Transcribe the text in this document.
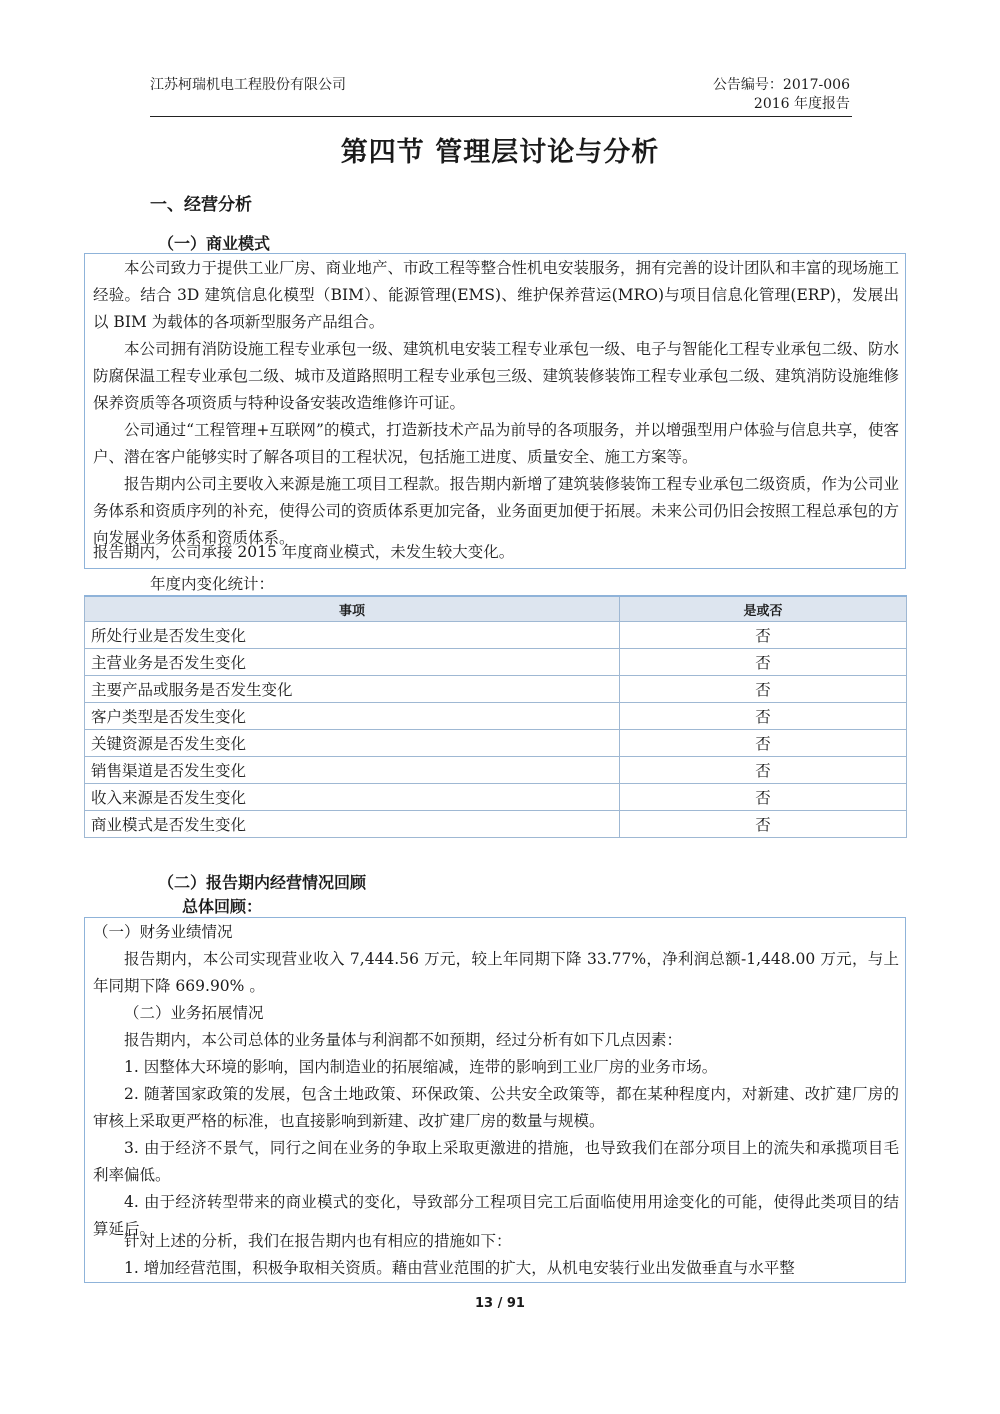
江苏柯瑞机电工程股份有限公司	公告编号：2017-006
2016 年度报告
第四节 管理层讨论与分析
一、经营分析
（一）商业模式
本公司致力于提供工业厂房、商业地产、市政工程等整合性机电安装服务，拥有完善的设计团队和丰富的现场施工经验。结合 3D 建筑信息化模型（BIM）、能源管理(EMS)、维护保养营运(MRO)与项目信息化管理(ERP)，发展出以 BIM 为载体的各项新型服务产品组合。
本公司拥有消防设施工程专业承包一级、建筑机电安装工程专业承包一级、电子与智能化工程专业承包二级、防水防腐保温工程专业承包二级、城市及道路照明工程专业承包三级、建筑装修装饰工程专业承包二级、建筑消防设施维修保养资质等各项资质与特种设备安装改造维修许可证。
公司通过“工程管理+互联网”的模式，打造新技术产品为前导的各项服务，并以增强型用户体验与信息共享，使客户、潜在客户能够实时了解各项目的工程状况，包括施工进度、质量安全、施工方案等。
报告期内公司主要收入来源是施工项目工程款。报告期内新增了建筑装修装饰工程专业承包二级资质，作为公司业务体系和资质序列的补充，使得公司的资质体系更加完备，业务面更加便于拓展。未来公司仍旧会按照工程总承包的方向发展业务体系和资质体系。
报告期内，公司承接 2015 年度商业模式，未发生较大变化。
年度内变化统计：
事项	是或否
所处行业是否发生变化	否
主营业务是否发生变化	否
主要产品或服务是否发生变化	否
客户类型是否发生变化	否
关键资源是否发生变化	否
销售渠道是否发生变化	否
收入来源是否发生变化	否
商业模式是否发生变化	否
（二）报告期内经营情况回顾
总体回顾：
（一）财务业绩情况
报告期内，本公司实现营业收入 7,444.56 万元，较上年同期下降 33.77%，净利润总额-1,448.00 万元，与上年同期下降 669.90% 。
（二）业务拓展情况
报告期内，本公司总体的业务量体与利润都不如预期，经过分析有如下几点因素：
1. 因整体大环境的影响，国内制造业的拓展缩减，连带的影响到工业厂房的业务市场。
2. 随著国家政策的发展，包含土地政策、环保政策、公共安全政策等，都在某种程度内，对新建、改扩建厂房的审核上采取更严格的标准，也直接影响到新建、改扩建厂房的数量与规模。
3. 由于经济不景气，同行之间在业务的争取上采取更激进的措施，也导致我们在部分项目上的流失和承揽项目毛利率偏低。
4. 由于经济转型带来的商业模式的变化，导致部分工程项目完工后面临使用用途变化的可能，使得此类项目的结算延后。
针对上述的分析，我们在报告期内也有相应的措施如下：
1. 增加经营范围，积极争取相关资质。藉由营业范围的扩大，从机电安装行业出发做垂直与水平整
13 / 91
